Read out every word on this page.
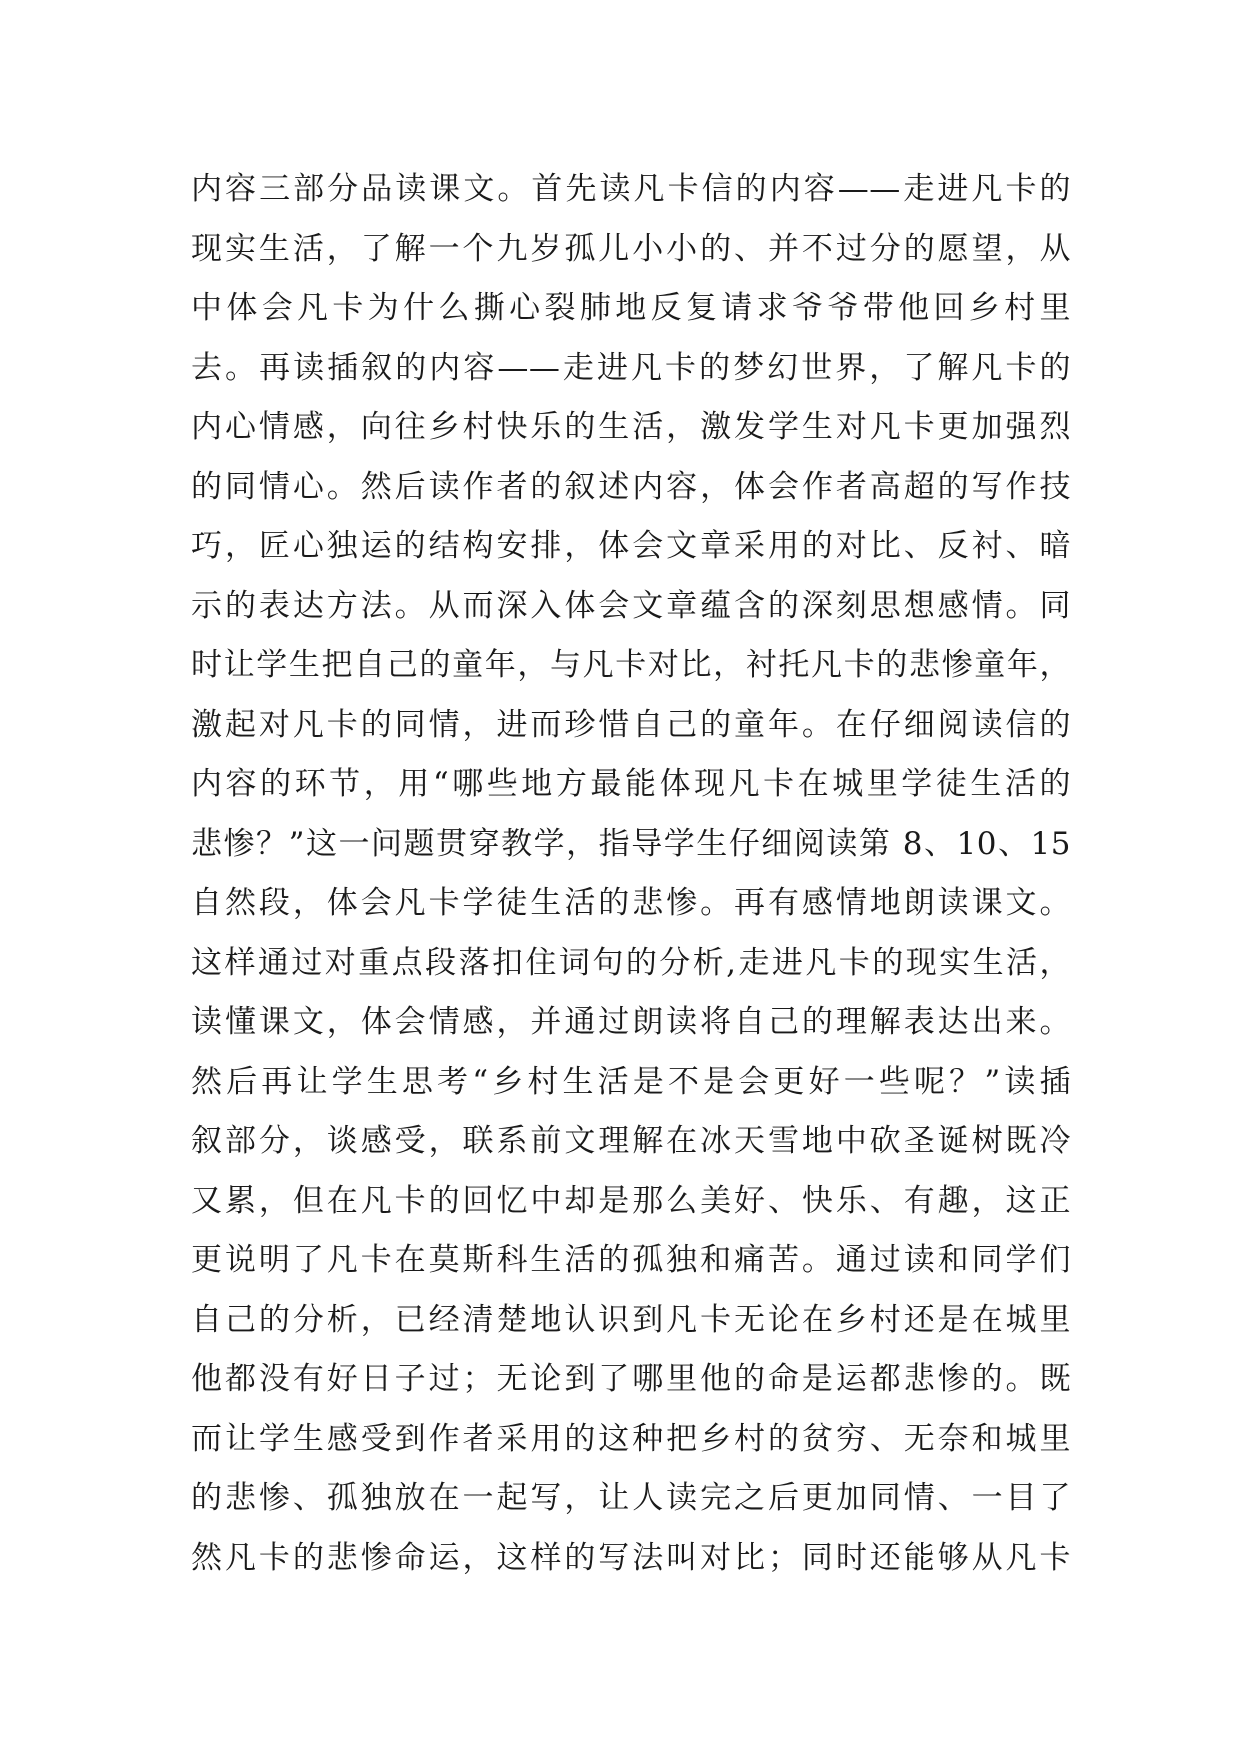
内容三部分品读课文。首先读凡卡信的内容——走进凡卡的
现实生活，了解一个九岁孤儿小小的、并不过分的愿望，从
中体会凡卡为什么撕心裂肺地反复请求爷爷带他回乡村里
去。再读插叙的内容——走进凡卡的梦幻世界，了解凡卡的
内心情感，向往乡村快乐的生活，激发学生对凡卡更加强烈
的同情心。然后读作者的叙述内容，体会作者高超的写作技
巧，匠心独运的结构安排，体会文章采用的对比、反衬、暗
示的表达方法。从而深入体会文章蕴含的深刻思想感情。同
时让学生把自己的童年，与凡卡对比，衬托凡卡的悲惨童年，
激起对凡卡的同情，进而珍惜自己的童年。在仔细阅读信的
内容的环节，用“哪些地方最能体现凡卡在城里学徒生活的
悲惨？”这一问题贯穿教学，指导学生仔细阅读第 8、10、15
自然段，体会凡卡学徒生活的悲惨。再有感情地朗读课文。
这样通过对重点段落扣住词句的分析,走进凡卡的现实生活，
读懂课文，体会情感，并通过朗读将自己的理解表达出来。
然后再让学生思考“乡村生活是不是会更好一些呢？”读插
叙部分，谈感受，联系前文理解在冰天雪地中砍圣诞树既冷
又累，但在凡卡的回忆中却是那么美好、快乐、有趣，这正
更说明了凡卡在莫斯科生活的孤独和痛苦。通过读和同学们
自己的分析，已经清楚地认识到凡卡无论在乡村还是在城里
他都没有好日子过；无论到了哪里他的命是运都悲惨的。既
而让学生感受到作者采用的这种把乡村的贫穷、无奈和城里
的悲惨、孤独放在一起写，让人读完之后更加同情、一目了
然凡卡的悲惨命运，这样的写法叫对比；同时还能够从凡卡
